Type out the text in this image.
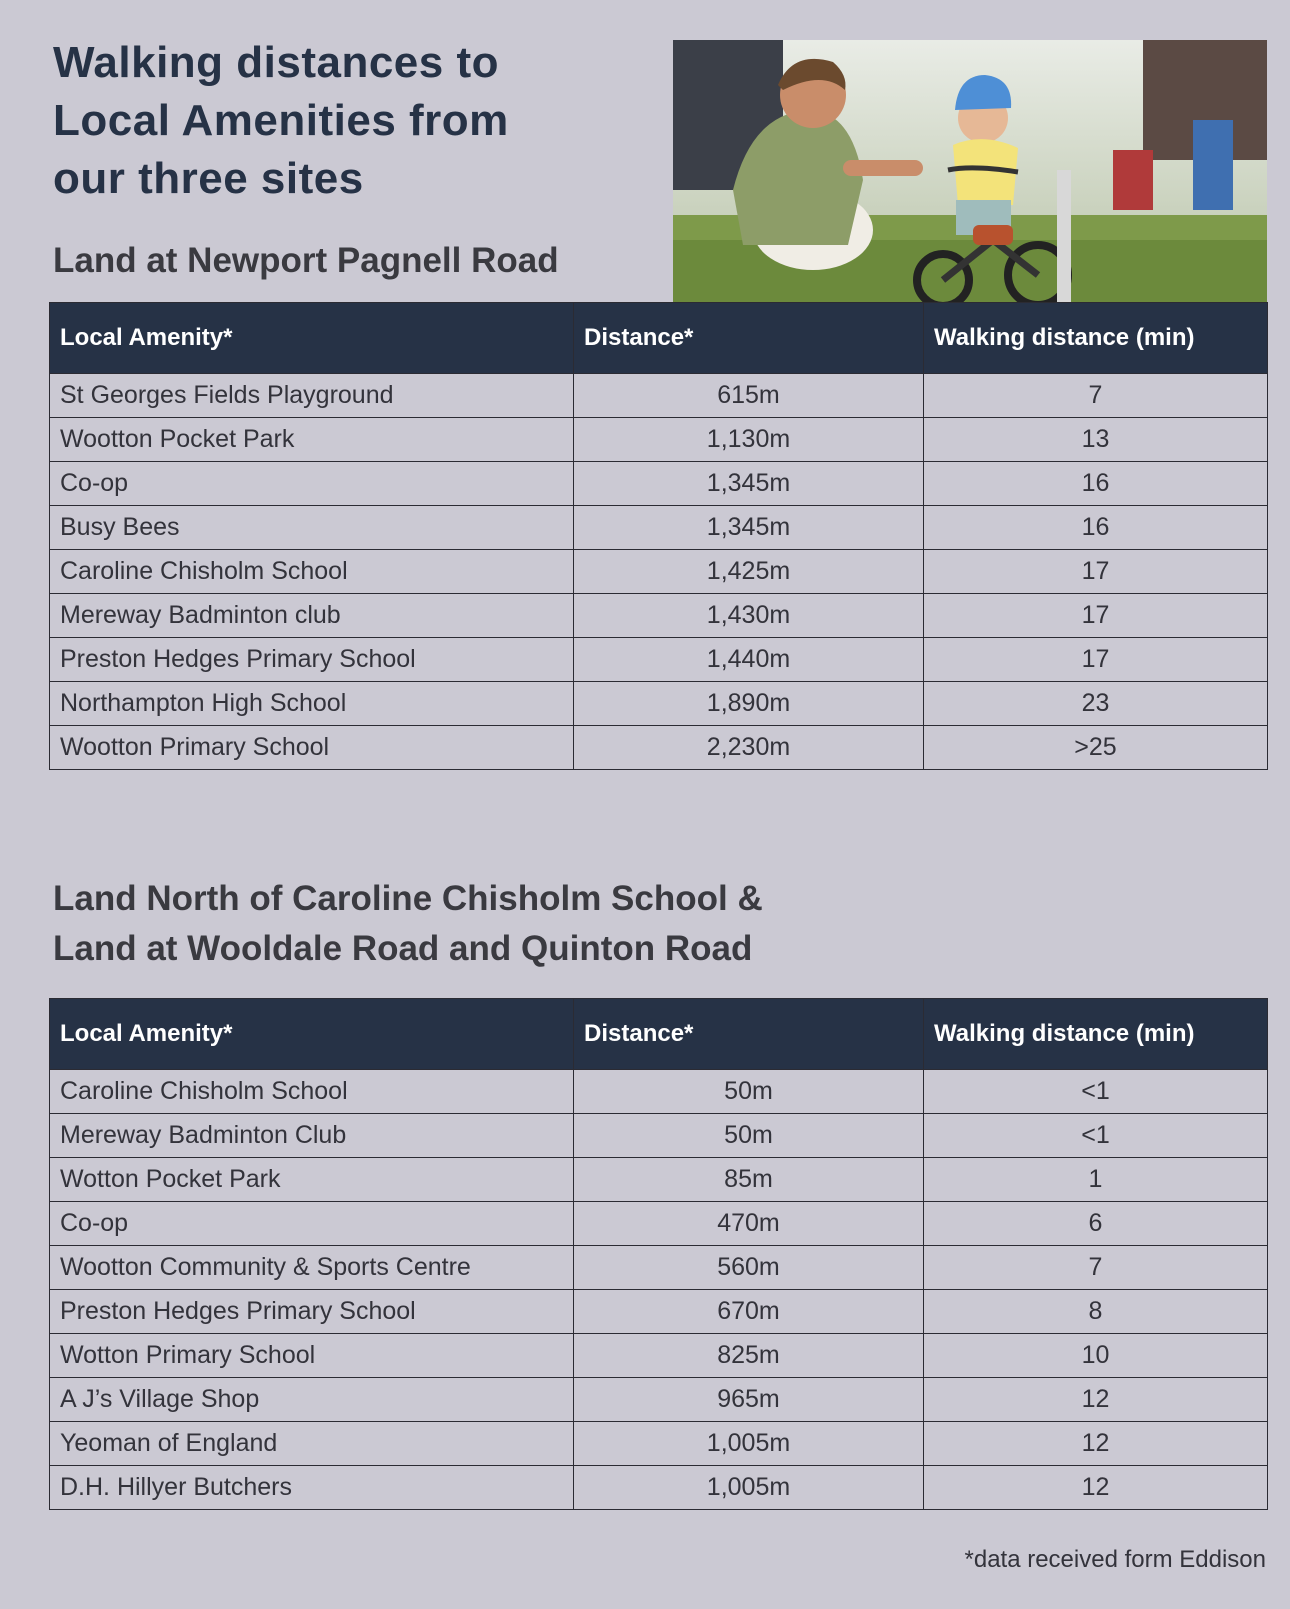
Walking distances to
Local Amenities from
our three sites
Land at Newport Pagnell Road
Local Amenity*	Distance*	Walking distance (min)
St Georges Fields Playground	615m	7
Wootton Pocket Park	1,130m	13
Co-op	1,345m	16
Busy Bees	1,345m	16
Caroline Chisholm School	1,425m	17
Mereway Badminton club	1,430m	17
Preston Hedges Primary School	1,440m	17
Northampton High School	1,890m	23
Wootton Primary School	2,230m	>25
Land North of Caroline Chisholm School &
Land at Wooldale Road and Quinton Road
Local Amenity*	Distance*	Walking distance (min)
Caroline Chisholm School	50m	<1
Mereway Badminton Club	50m	<1
Wotton Pocket Park	85m	1
Co-op	470m	6
Wootton Community & Sports Centre	560m	7
Preston Hedges Primary School	670m	8
Wotton Primary School	825m	10
A J’s Village Shop	965m	12
Yeoman of England	1,005m	12
D.H. Hillyer Butchers	1,005m	12
*data received form Eddison
